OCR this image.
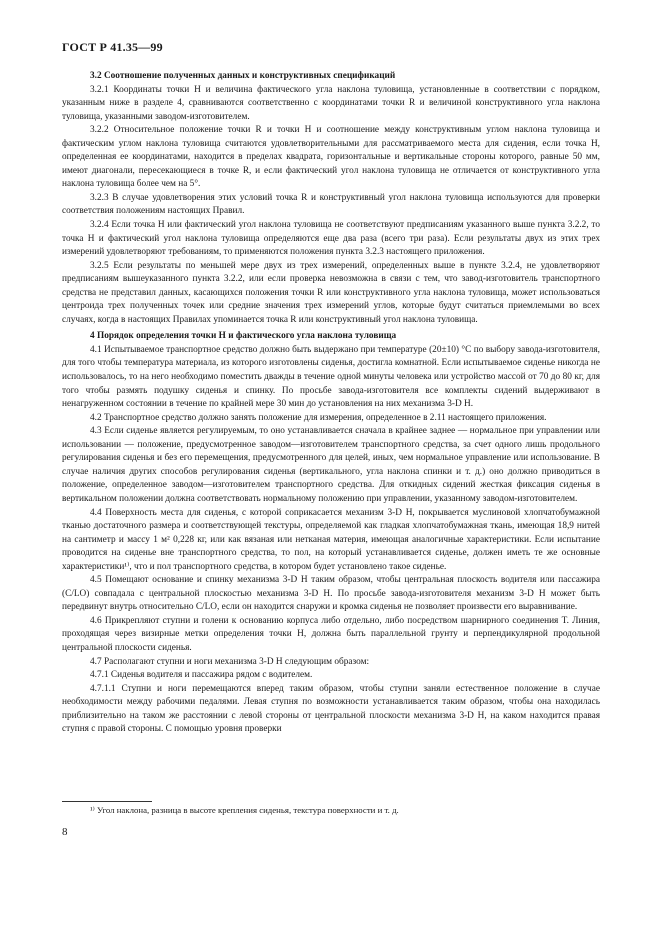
ГОСТ Р 41.35—99
3.2 Соотношение полученных данных и конструктивных спецификаций

3.2.1 Координаты точки H и величина фактического угла наклона туловища, установленные в соответствии с порядком, указанным ниже в разделе 4, сравниваются соответственно с координатами точки R и величиной конструктивного угла наклона туловища, указанными заводом-изготовителем.

3.2.2 Относительное положение точки R и точки H и соотношение между конструктивным углом наклона туловища и фактическим углом наклона туловища считаются удовлетворительными для рассматриваемого места для сидения, если точка H, определенная ее координатами, находится в пределах квадрата, горизонтальные и вертикальные стороны которого, равные 50 мм, имеют диагонали, пересекающиеся в точке R, и если фактический угол наклона туловища не отличается от конструктивного угла наклона туловища более чем на 5°.

3.2.3 В случае удовлетворения этих условий точка R и конструктивный угол наклона туловища используются для проверки соответствия положениям настоящих Правил.

3.2.4 Если точка H или фактический угол наклона туловища не соответствуют предписаниям указанного выше пункта 3.2.2, то точка H и фактический угол наклона туловища определяются еще два раза (всего три раза). Если результаты двух из этих трех измерений удовлетворяют требованиям, то применяются положения пункта 3.2.3 настоящего приложения.

3.2.5 Если результаты по меньшей мере двух из трех измерений, определенных выше в пункте 3.2.4, не удовлетворяют предписаниям вышеуказанного пункта 3.2.2, или если проверка невозможна в связи с тем, что завод-изготовитель транспортного средства не представил данных, касающихся положения точки R или конструктивного угла наклона туловища, может использоваться центроида трех полученных точек или средние значения трех измерений углов, которые будут считаться приемлемыми во всех случаях, когда в настоящих Правилах упоминается точка R или конструктивный угол наклона туловища.

4 Порядок определения точки H и фактического угла наклона туловища

4.1 Испытываемое транспортное средство должно быть выдержано при температуре (20±10) °С по выбору завода-изготовителя, для того чтобы температура материала, из которого изготовлены сиденья, достигла комнатной. Если испытываемое сиденье никогда не использовалось, то на него необходимо поместить дважды в течение одной минуты человека или устройство массой от 70 до 80 кг, для того чтобы размять подушку сиденья и спинку. По просьбе завода-изготовителя все комплекты сидений выдерживают в ненагруженном состоянии в течение по крайней мере 30 мин до установления на них механизма 3-D H.

4.2 Транспортное средство должно занять положение для измерения, определенное в 2.11 настоящего приложения.

4.3 Если сиденье является регулируемым, то оно устанавливается сначала в крайнее заднее — нормальное при управлении или использовании — положение, предусмотренное заводом—изготовителем транспортного средства, за счет одного лишь продольного регулирования сиденья и без его перемещения, предусмотренного для целей, иных, чем нормальное управление или использование. В случае наличия других способов регулирования сиденья (вертикального, угла наклона спинки и т. д.) оно должно приводиться в положение, определенное заводом—изготовителем транспортного средства. Для откидных сидений жесткая фиксация сиденья в вертикальном положении должна соответствовать нормальному положению при управлении, указанному заводом-изготовителем.

4.4 Поверхность места для сиденья, с которой соприкасается механизм 3-D H, покрывается муслиновой хлопчатобумажной тканью достаточного размера и соответствующей текстуры, определяемой как гладкая хлопчатобумажная ткань, имеющая 18,9 нитей на сантиметр и массу 1 м² 0,228 кг, или как вязаная или нетканая материя, имеющая аналогичные характеристики. Если испытание проводится на сиденье вне транспортного средства, то пол, на который устанавливается сиденье, должен иметь те же основные характеристики¹⁾, что и пол транспортного средства, в котором будет установлено такое сиденье.

4.5 Помещают основание и спинку механизма 3-D H таким образом, чтобы центральная плоскость водителя или пассажира (С/LO) совпадала с центральной плоскостью механизма 3-D H. По просьбе завода-изготовителя механизм 3-D H может быть передвинут внутрь относительно С/LO, если он находится снаружи и кромка сиденья не позволяет произвести его выравнивание.

4.6 Прикрепляют ступни и голени к основанию корпуса либо отдельно, либо посредством шарнирного соединения T. Линия, проходящая через визирные метки определения точки H, должна быть параллельной грунту и перпендикулярной продольной центральной плоскости сиденья.

4.7 Располагают ступни и ноги механизма 3-D H следующим образом:

4.7.1 Сиденья водителя и пассажира рядом с водителем.

4.7.1.1 Ступни и ноги перемещаются вперед таким образом, чтобы ступни заняли естественное положение в случае необходимости между рабочими педалями. Левая ступня по возможности устанавливается таким образом, чтобы она находилась приблизительно на таком же расстоянии с левой стороны от центральной плоскости механизма 3-D H, на каком находится правая ступня с правой стороны. С помощью уровня проверки

¹⁾ Угол наклона, разница в высоте крепления сиденья, текстура поверхности и т. д.
8
